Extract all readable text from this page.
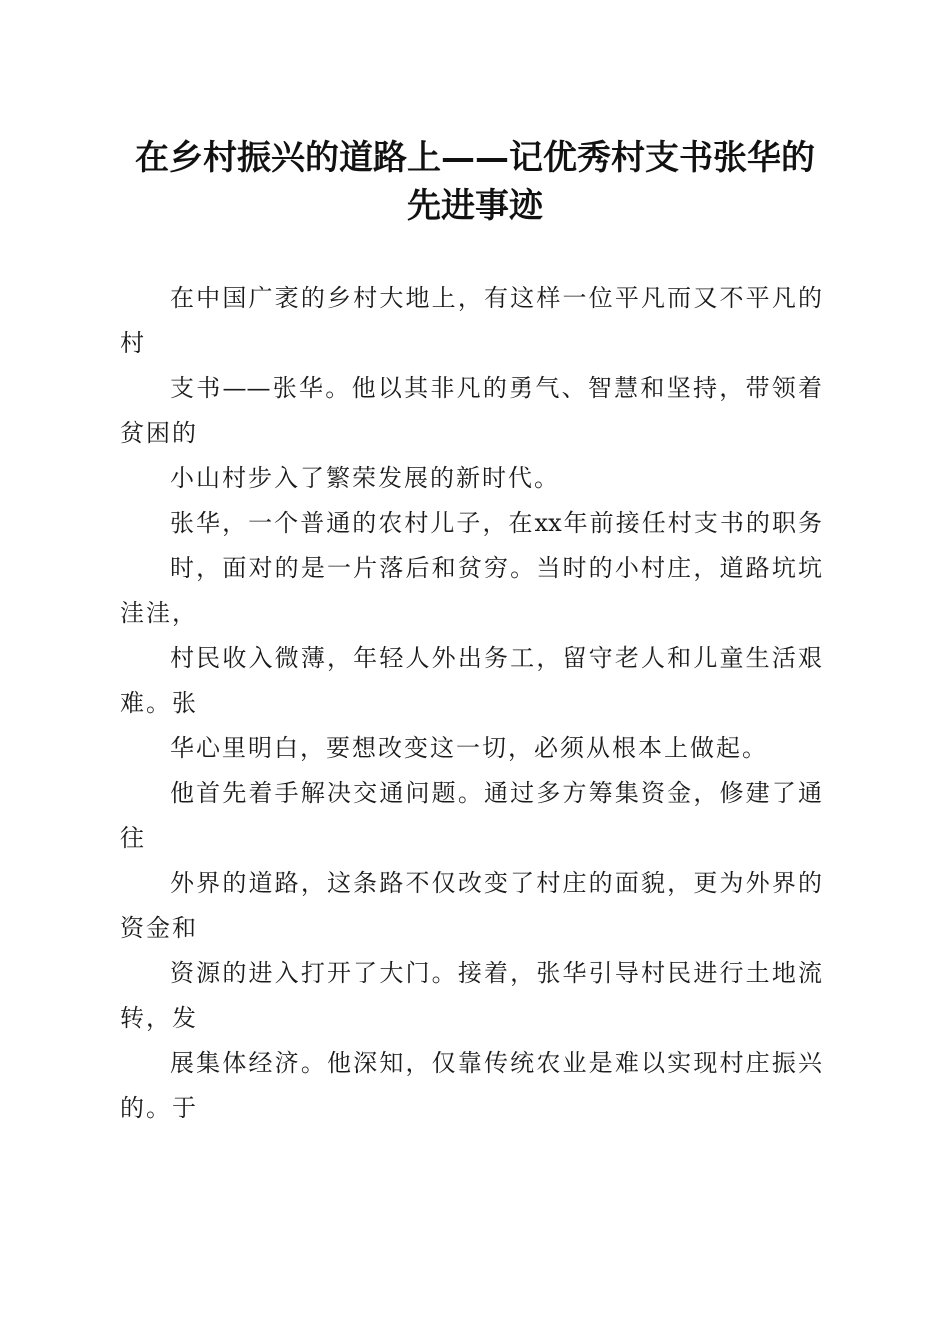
在乡村振兴的道路上——记优秀村支书张华的
先进事迹
在中国广袤的乡村大地上，有这样一位平凡而又不平凡的
村
支书——张华。他以其非凡的勇气、智慧和坚持，带领着
贫困的
小山村步入了繁荣发展的新时代。
张华，一个普通的农村儿子，在xx年前接任村支书的职务
时，面对的是一片落后和贫穷。当时的小村庄，道路坑坑
洼洼，
村民收入微薄，年轻人外出务工，留守老人和儿童生活艰
难。张
华心里明白，要想改变这一切，必须从根本上做起。
他首先着手解决交通问题。通过多方筹集资金，修建了通
往
外界的道路，这条路不仅改变了村庄的面貌，更为外界的
资金和
资源的进入打开了大门。接着，张华引导村民进行土地流
转，发
展集体经济。他深知，仅靠传统农业是难以实现村庄振兴
的。于
